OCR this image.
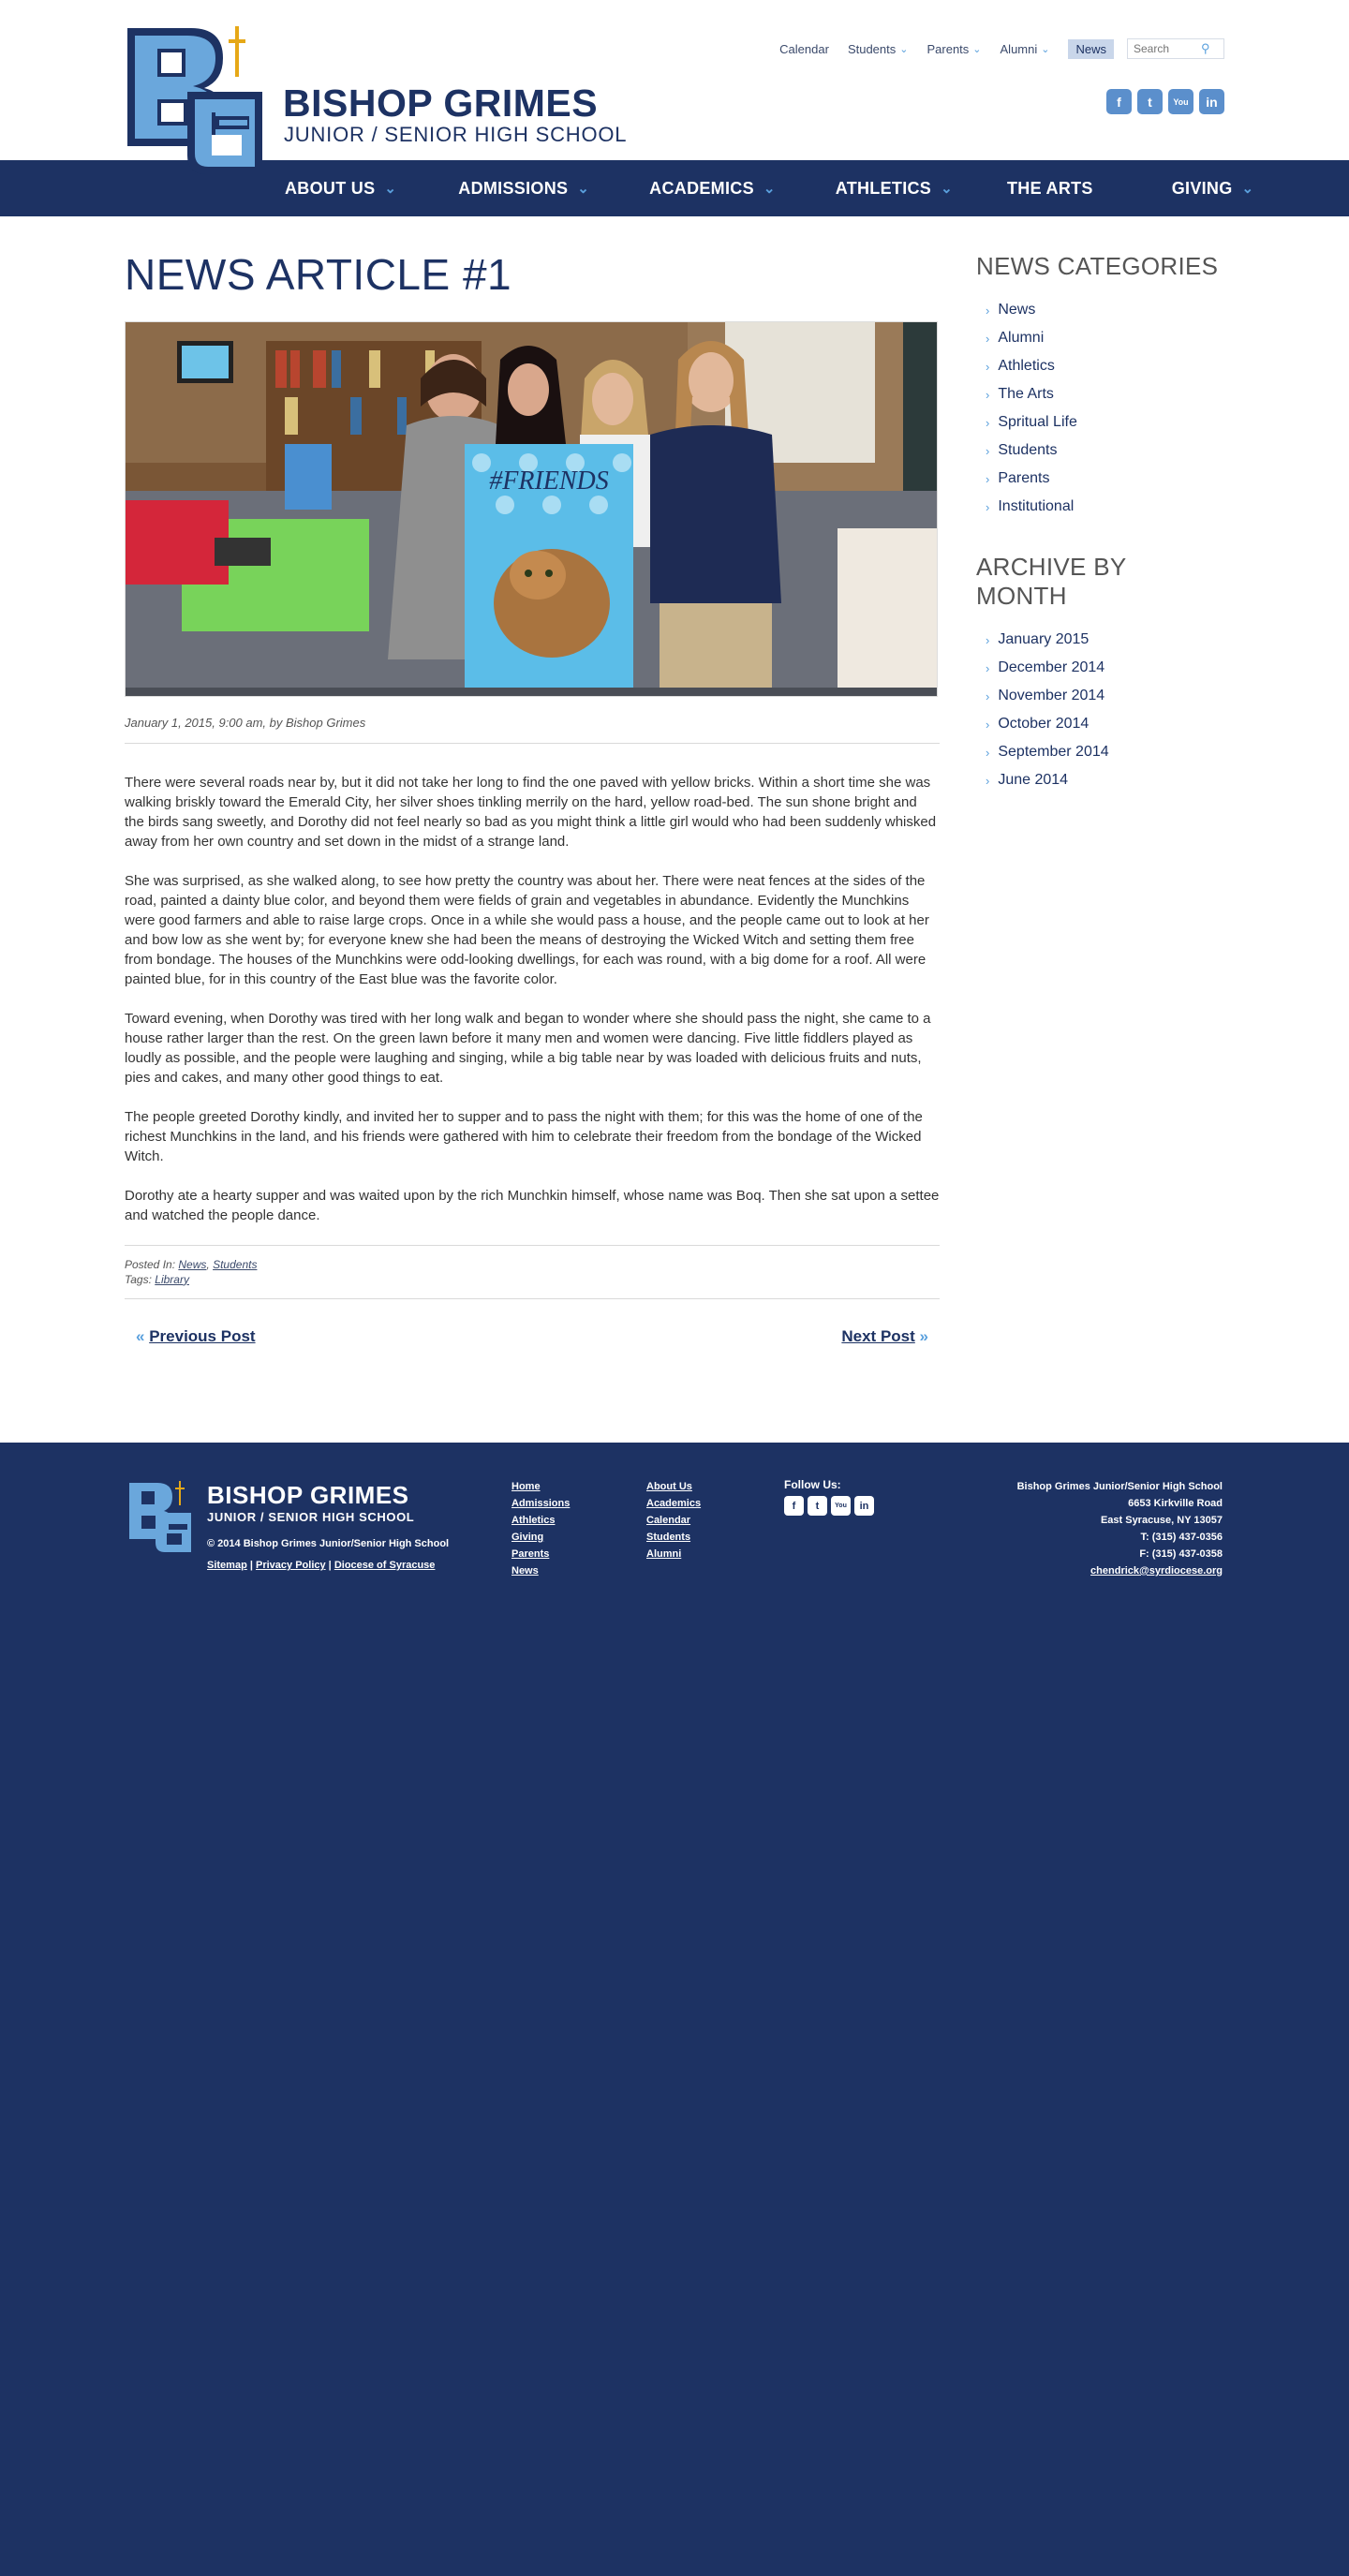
BISHOP GRIMES
JUNIOR / SENIOR HIGH SCHOOL
Calendar Students ⌄ Parents ⌄ Alumni ⌄ News
Search	⚲
f	t	You	in
ABOUT US ⌄	ADMISSIONS ⌄	ACADEMICS ⌄	ATHLETICS ⌄	THE ARTS	GIVING ⌄
NEWS ARTICLE #1
#FRIENDS
January 1, 2015, 9:00 am, by Bishop Grimes

There were several roads near by, but it did not take her long to find the one paved with yellow bricks. Within a short time she was walking briskly toward the Emerald City, her silver shoes tinkling merrily on the hard, yellow road-bed. The sun shone bright and the birds sang sweetly, and Dorothy did not feel nearly so bad as you might think a little girl would who had been suddenly whisked away from her own country and set down in the midst of a strange land.

She was surprised, as she walked along, to see how pretty the country was about her. There were neat fences at the sides of the road, painted a dainty blue color, and beyond them were fields of grain and vegetables in abundance. Evidently the Munchkins were good farmers and able to raise large crops. Once in a while she would pass a house, and the people came out to look at her and bow low as she went by; for everyone knew she had been the means of destroying the Wicked Witch and setting them free from bondage. The houses of the Munchkins were odd-looking dwellings, for each was round, with a big dome for a roof. All were painted blue, for in this country of the East blue was the favorite color.

Toward evening, when Dorothy was tired with her long walk and began to wonder where she should pass the night, she came to a house rather larger than the rest. On the green lawn before it many men and women were dancing. Five little fiddlers played as loudly as possible, and the people were laughing and singing, while a big table near by was loaded with delicious fruits and nuts, pies and cakes, and many other good things to eat.

The people greeted Dorothy kindly, and invited her to supper and to pass the night with them; for this was the home of one of the richest Munchkins in the land, and his friends were gathered with him to celebrate their freedom from the bondage of the Wicked Witch.

Dorothy ate a hearty supper and was waited upon by the rich Munchkin himself, whose name was Boq. Then she sat upon a settee and watched the people dance.

Posted In: News, Students
Tags: Library
« Previous Post	Next Post »
NEWS CATEGORIES
› News
› Alumni
› Athletics
› The Arts
› Spritual Life
› Students
› Parents
› Institutional
ARCHIVE BY MONTH
› January 2015
› December 2014
› November 2014
› October 2014
› September 2014
› June 2014
BISHOP GRIMES
JUNIOR / SENIOR HIGH SCHOOL
© 2014 Bishop Grimes Junior/Senior High School
Sitemap | Privacy Policy | Diocese of Syracuse
Home
Admissions
Athletics
Giving
Parents
News
About Us
Academics
Calendar
Students
Alumni
Follow Us:
f	t	You	in
Bishop Grimes Junior/Senior High School
6653 Kirkville Road
East Syracuse, NY 13057
T: (315) 437-0356
F: (315) 437-0358
chendrick@syrdiocese.org
